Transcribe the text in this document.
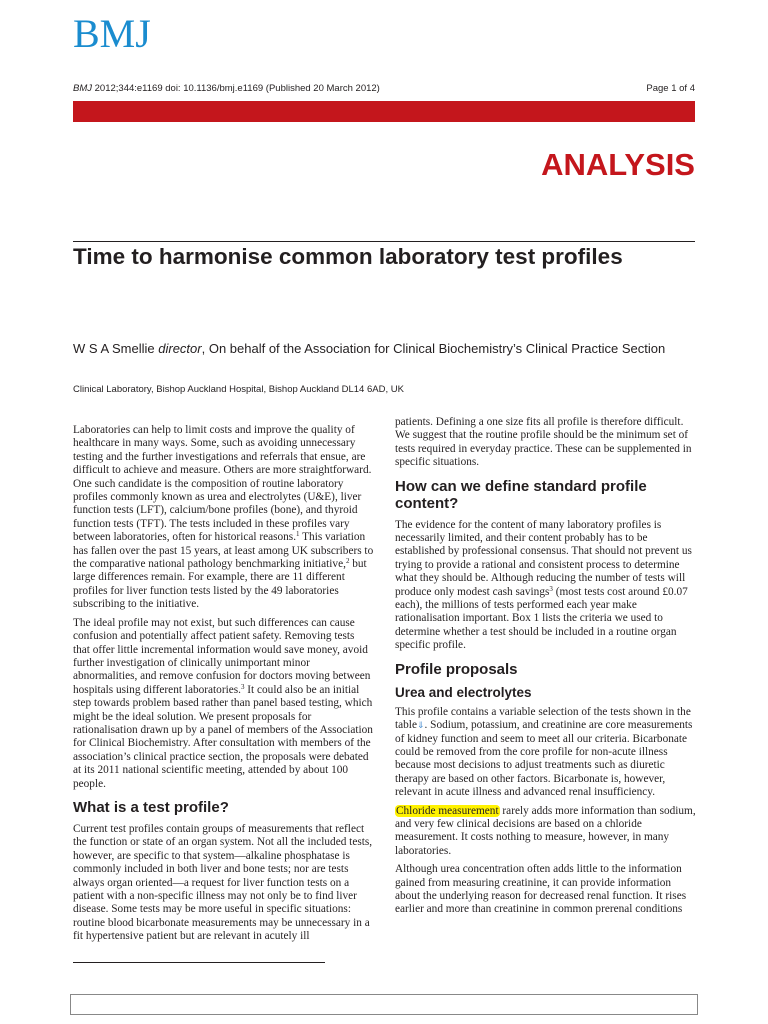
BMJ
BMJ 2012;344:e1169 doi: 10.1136/bmj.e1169 (Published 20 March 2012)	Page 1 of 4
ANALYSIS
Time to harmonise common laboratory test profiles
W S A Smellie director, On behalf of the Association for Clinical Biochemistry’s Clinical Practice Section
Clinical Laboratory, Bishop Auckland Hospital, Bishop Auckland DL14 6AD, UK

Laboratories can help to limit costs and improve the quality of healthcare in many ways. Some, such as avoiding unnecessary testing and the further investigations and referrals that ensue, are difficult to achieve and measure. Others are more straightforward. One such candidate is the composition of routine laboratory profiles commonly known as urea and electrolytes (U&E), liver function tests (LFT), calcium/bone profiles (bone), and thyroid function tests (TFT). The tests included in these profiles vary between laboratories, often for historical reasons.$^1$ This variation has fallen over the past 15 years, at least among UK subscribers to the comparative national pathology benchmarking initiative,$^2$ but large differences remain. For example, there are 11 different profiles for liver function tests listed by the 49 laboratories subscribing to the initiative.

The ideal profile may not exist, but such differences can cause confusion and potentially affect patient safety. Removing tests that offer little incremental information would save money, avoid further investigation of clinically unimportant minor abnormalities, and remove confusion for doctors moving between hospitals using different laboratories.$^3$ It could also be an initial step towards problem based rather than panel based testing, which might be the ideal solution. We present proposals for rationalisation drawn up by a panel of members of the Association for Clinical Biochemistry. After consultation with members of the association’s clinical practice section, the proposals were debated at its 2011 national scientific meeting, attended by about 100 people.

What is a test profile?

Current test profiles contain groups of measurements that reflect the function or state of an organ system. Not all the included tests, however, are specific to that system—alkaline phosphatase is commonly included in both liver and bone tests; nor are tests always organ oriented—a request for liver function tests on a patient with a non-specific illness may not only be to find liver disease. Some tests may be more useful in specific situations: routine blood bicarbonate measurements may be unnecessary in a fit hypertensive patient but are relevant in acutely ill

patients. Defining a one size fits all profile is therefore difficult. We suggest that the routine profile should be the minimum set of tests required in everyday practice. These can be supplemented in specific situations.

How can we define standard profile content?

The evidence for the content of many laboratory profiles is necessarily limited, and their content probably has to be established by professional consensus. That should not prevent us trying to provide a rational and consistent process to determine what they should be. Although reducing the number of tests will produce only modest cash savings$^3$ (most tests cost around £0.07 each), the millions of tests performed each year make rationalisation important. Box 1 lists the criteria we used to determine whether a test should be included in a routine organ specific profile.

Profile proposals
Urea and electrolytes

This profile contains a variable selection of the tests shown in the table⇓. Sodium, potassium, and creatinine are core measurements of kidney function and seem to meet all our criteria. Bicarbonate could be removed from the core profile for non-acute illness because most decisions to adjust treatments such as diuretic therapy are based on other factors. Bicarbonate is, however, relevant in acute illness and advanced renal insufficiency.

Chloride measurement rarely adds more information than sodium, and very few clinical decisions are based on a chloride measurement. It costs nothing to measure, however, in many laboratories.

Although urea concentration often adds little to the information gained from measuring creatinine, it can provide information about the underlying reason for decreased renal function. It rises earlier and more than creatinine in common prerenal conditions
